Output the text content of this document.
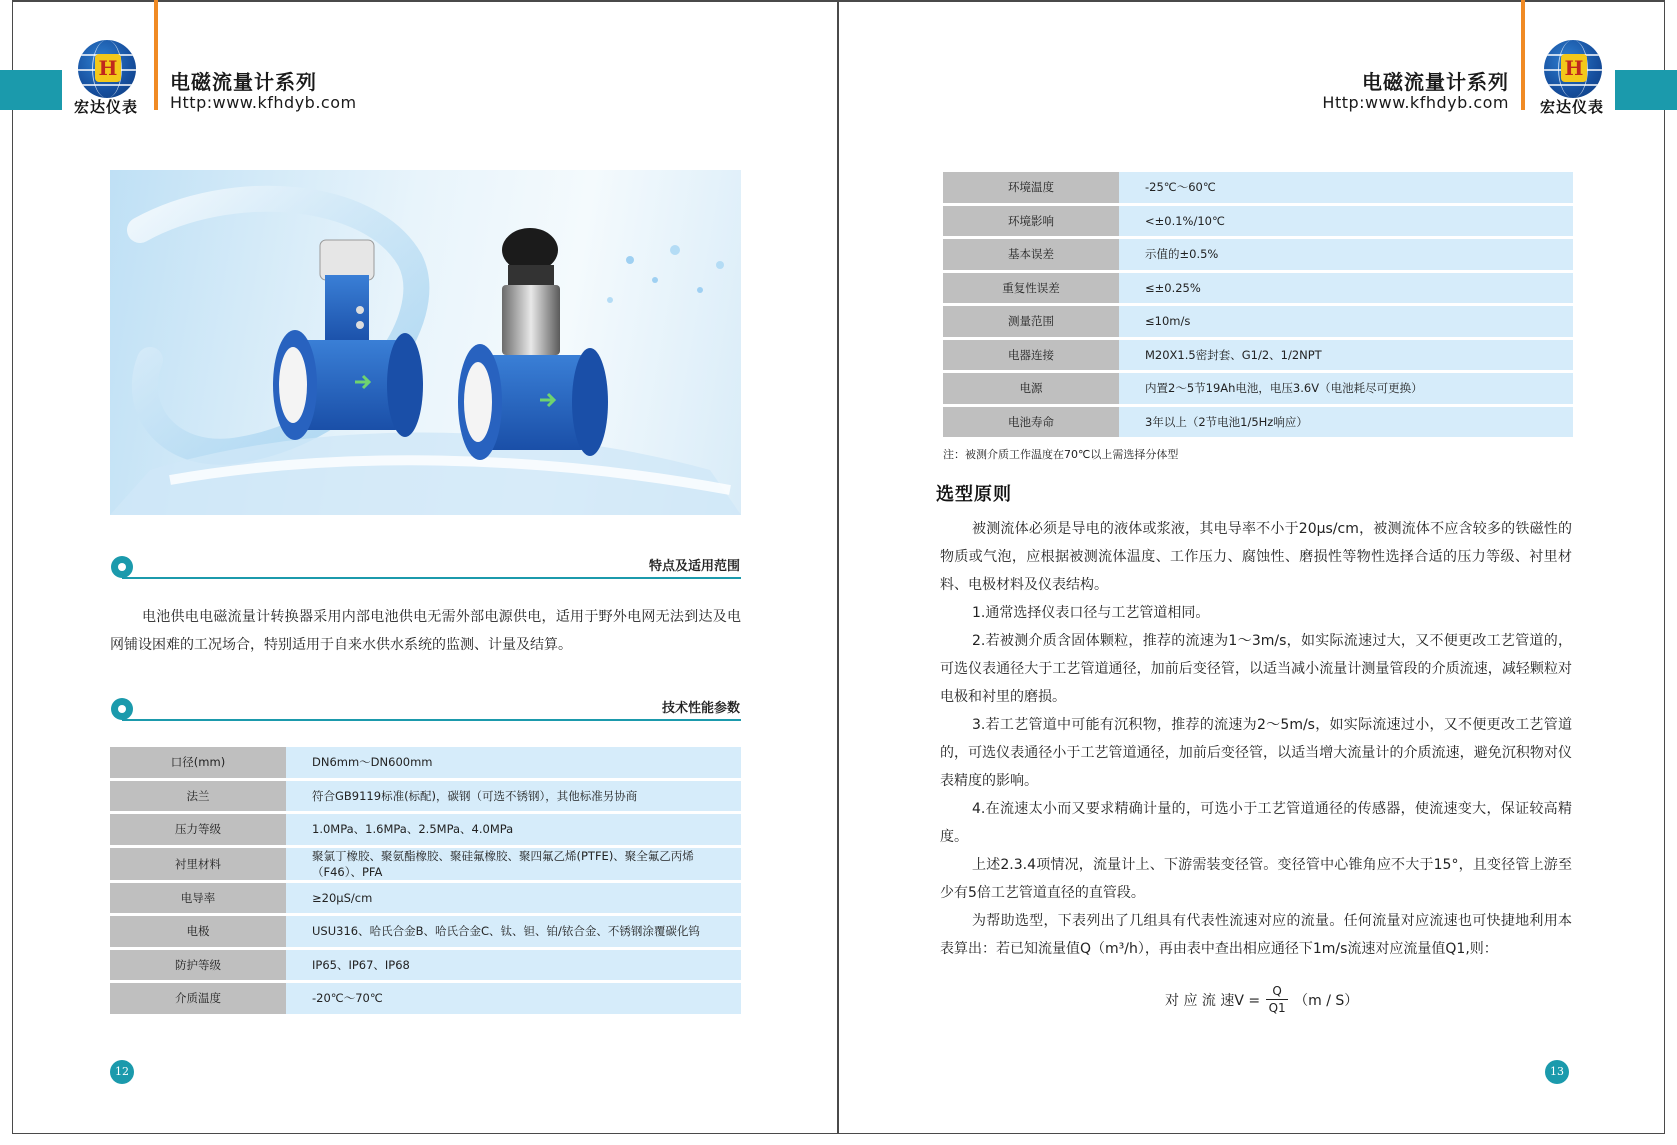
H
宏达仪表
电磁流量计系列
Http:www.kfhdyb.com
H
宏达仪表
电磁流量计系列
Http:www.kfhdyb.com
特点及适用范围
电池供电电磁流量计转换器采用内部电池供电无需外部电源供电，适用于野外电网无法到达及电网铺设困难的工况场合，特别适用于自来水供水系统的监测、计量及结算。
技术性能参数
口径(mm)	DN6mm～DN600mm
法兰	符合GB9119标准(标配)，碳钢（可选不锈钢），其他标准另协商
压力等级	1.0MPa、1.6MPa、2.5MPa、4.0MPa
衬里材料	聚氯丁橡胶、聚氨酯橡胶、聚硅氟橡胶、聚四氟乙烯(PTFE)、聚全氟乙丙烯（F46）、PFA
电导率	≥20μS/cm
电极	USU316、哈氏合金B、哈氏合金C、钛、钽、铂/铱合金、不锈钢涂覆碳化钨
防护等级	IP65、IP67、IP68
介质温度	-20℃～70℃
12
环境温度	-25℃～60℃
环境影响	<±0.1%/10℃
基本误差	示值的±0.5%
重复性误差	≤±0.25%
测量范围	≤10m/s
电器连接	M20X1.5密封套、G1/2、1/2NPT
电源	内置2～5节19Ah电池，电压3.6V（电池耗尽可更换）
电池寿命	3年以上（2节电池1/5Hz响应）
注：被测介质工作温度在70℃以上需选择分体型
选型原则

被测流体必须是导电的液体或浆液，其电导率不小于20μs/cm，被测流体不应含较多的铁磁性的物质或气泡，应根据被测流体温度、工作压力、腐蚀性、磨损性等物性选择合适的压力等级、衬里材料、电极材料及仪表结构。

1.通常选择仪表口径与工艺管道相同。

2.若被测介质含固体颗粒，推荐的流速为1～3m/s，如实际流速过大，又不便更改工艺管道的，可选仪表通径大于工艺管道通径，加前后变径管，以适当减小流量计测量管段的介质流速，减轻颗粒对电极和衬里的磨损。

3.若工艺管道中可能有沉积物，推荐的流速为2～5m/s，如实际流速过小，又不便更改工艺管道的，可选仪表通径小于工艺管道通径，加前后变径管，以适当增大流量计的介质流速，避免沉积物对仪表精度的影响。

4.在流速太小而又要求精确计量的，可选小于工艺管道通径的传感器，使流速变大，保证较高精度。

上述2.3.4项情况，流量计上、下游需装变径管。变径管中心锥角应不大于15°，且变径管上游至少有5倍工艺管道直径的直管段。

为帮助选型，下表列出了几组具有代表性流速对应的流量。任何流量对应流速也可快捷地利用本表算出：若已知流量值Q（m³/h），再由表中查出相应通径下1m/s流速对应流量值Q1,则：

对 应 流 速$V = \frac{Q}{Q1} (m / S)$
13
